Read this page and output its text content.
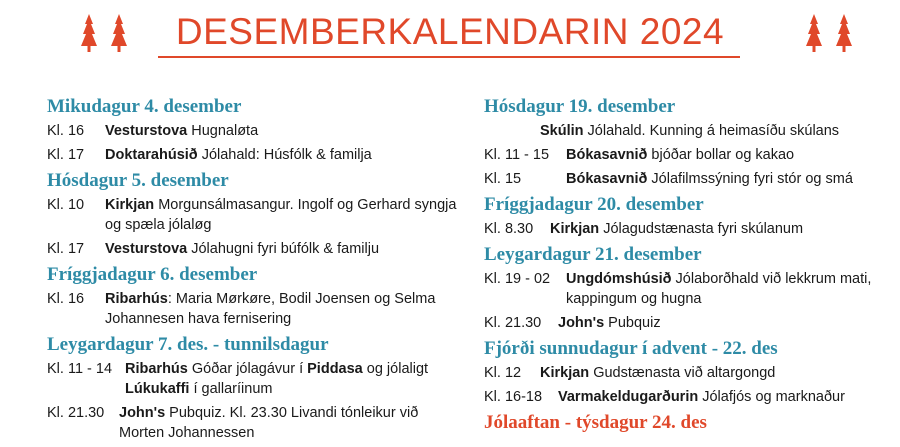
DESEMBERKALENDARIN 2024
Mikudagur 4. desember
Kl. 16 Vesturstova Hugnaløta
Kl. 17 Doktarahúsið Jólahald: Húsfólk & familja
Hósdagur 5. desember
Kl. 10 Kirkjan Morgunsálmasangur. Ingolf og Gerhard syngja og spæla jólaløg
Kl. 17 Vesturstova Jólahugni fyri búfólk & familju
Fríggjadagur 6. desember
Kl. 16 Ribarhús: Maria Mørkøre, Bodil Joensen og Selma Johannesen hava fernisering
Leygardagur 7. des. - tunnilsdagur
Kl. 11 - 14 Ribarhús Góðar jólagávur í Piddasa og jólaligt Lúkukaffi í gallaríinum
Kl. 21.30 John's Pubquiz. Kl. 23.30 Livandi tónleikur við Morten Johannessen
Hósdagur 19. desember
Skúlin Jólahald. Kunning á heimasíðu skúlans
Kl. 11 - 15 Bókasavnið bjóðar bollar og kakao
Kl. 15	Bókasavnið Jólafilmssýning fyri stór og smá
Fríggjadagur 20. desember
Kl. 8.30 Kirkjan Jólagudstænasta fyri skúlanum
Leygardagur 21. desember
Kl. 19 - 02 Ungdómshúsið Jólaborðhald við lekkrum mati, kappingum og hugna
Kl. 21.30 John's Pubquiz
Fjórði sunnudagur í advent - 22. des
Kl. 12 Kirkjan Gudstænasta við altargongd
Kl. 16-18 Varmakeldugarðurin Jólafjós og marknaður
Jólaaftan - týsdagur 24. des
